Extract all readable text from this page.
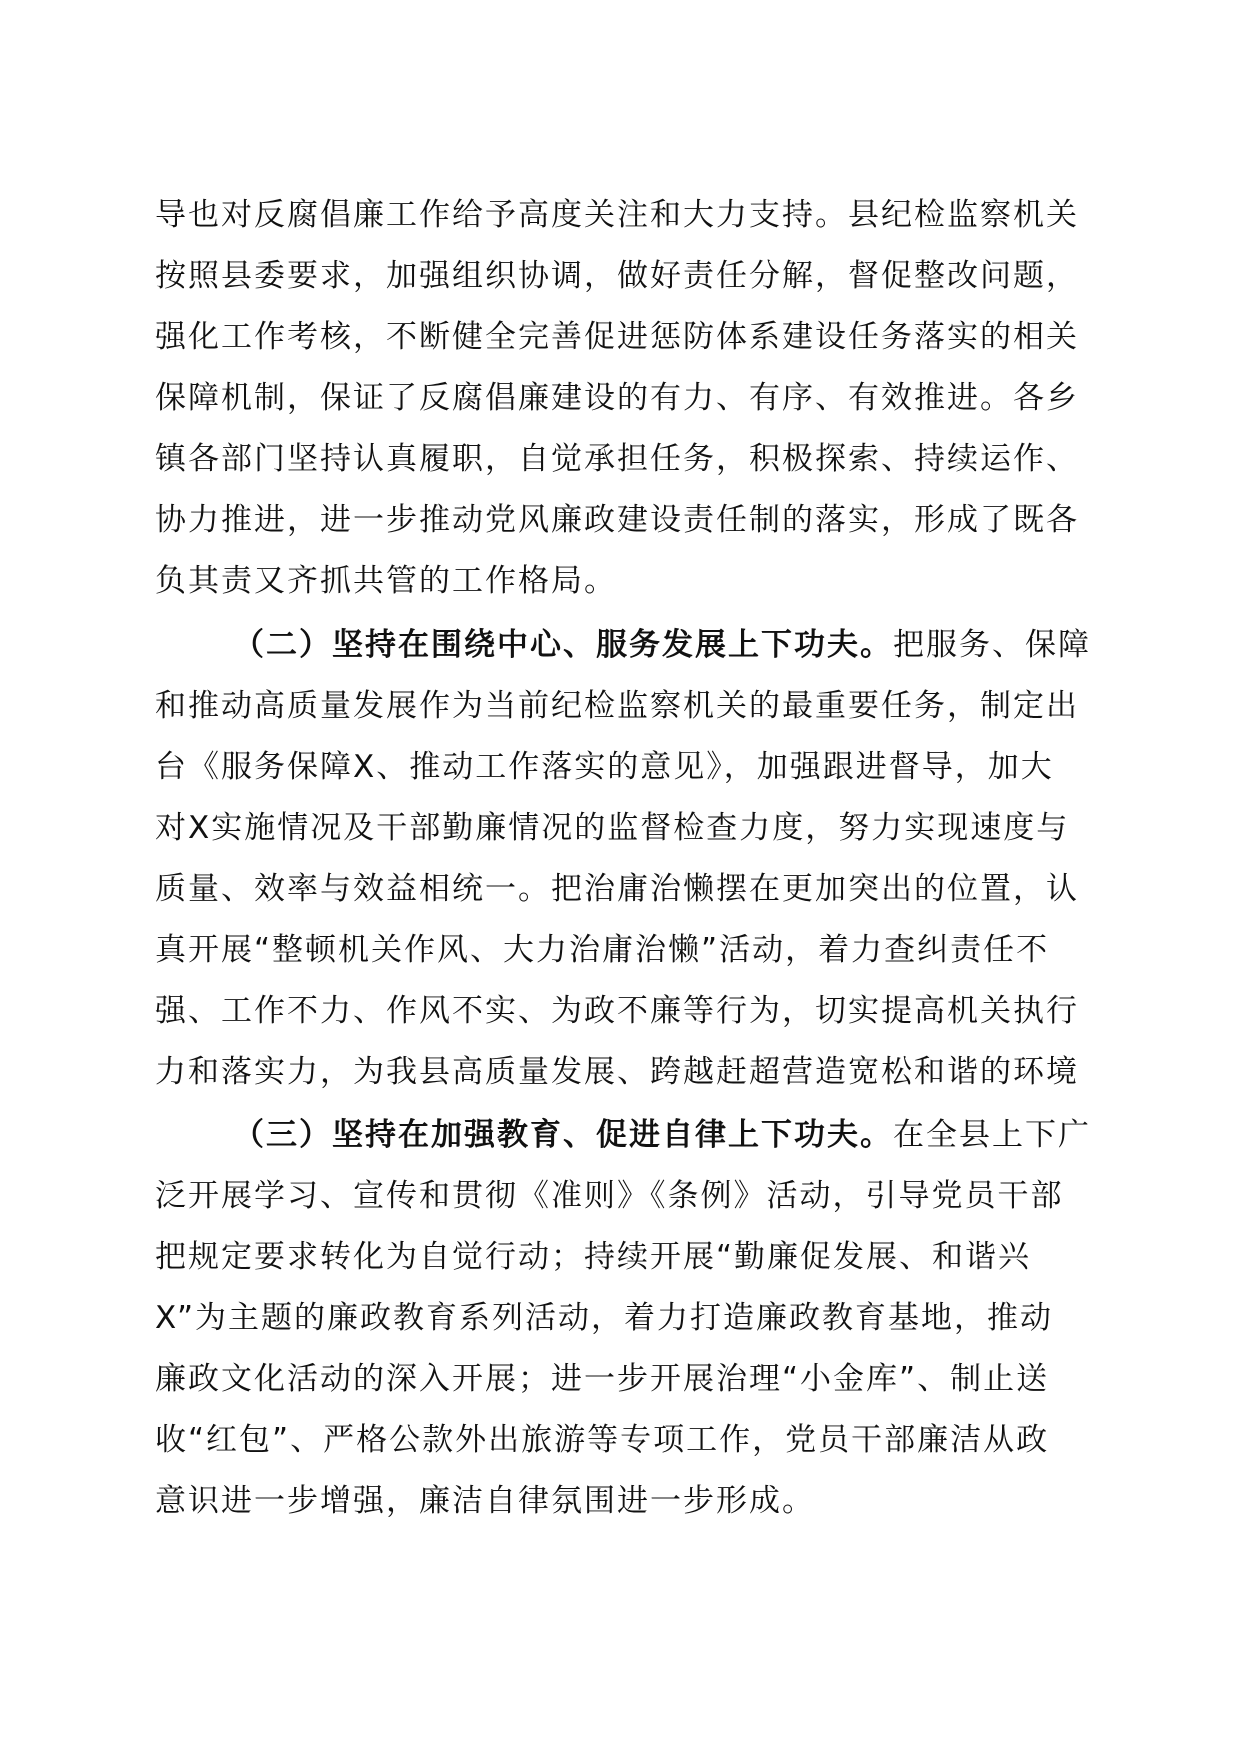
导也对反腐倡廉工作给予高度关注和大力支持。县纪检监察机关
按照县委要求，加强组织协调，做好责任分解，督促整改问题，
强化工作考核，不断健全完善促进惩防体系建设任务落实的相关
保障机制，保证了反腐倡廉建设的有力、有序、有效推进。各乡
镇各部门坚持认真履职，自觉承担任务，积极探索、持续运作、
协力推进，进一步推动党风廉政建设责任制的落实，形成了既各
负其责又齐抓共管的工作格局。
（二）坚持在围绕中心、服务发展上下功夫。把服务、保障
和推动高质量发展作为当前纪检监察机关的最重要任务，制定出
台《服务保障X、推动工作落实的意见》，加强跟进督导，加大
对X实施情况及干部勤廉情况的监督检查力度，努力实现速度与
质量、效率与效益相统一。把治庸治懒摆在更加突出的位置，认
真开展“整顿机关作风、大力治庸治懒”活动，着力查纠责任不
强、工作不力、作风不实、为政不廉等行为，切实提高机关执行
力和落实力，为我县高质量发展、跨越赶超营造宽松和谐的环境
（三）坚持在加强教育、促进自律上下功夫。在全县上下广
泛开展学习、宣传和贯彻《准则》《条例》活动，引导党员干部
把规定要求转化为自觉行动；持续开展“勤廉促发展、和谐兴
X”为主题的廉政教育系列活动，着力打造廉政教育基地，推动
廉政文化活动的深入开展；进一步开展治理“小金库”、制止送
收“红包”、严格公款外出旅游等专项工作，党员干部廉洁从政
意识进一步增强，廉洁自律氛围进一步形成。
